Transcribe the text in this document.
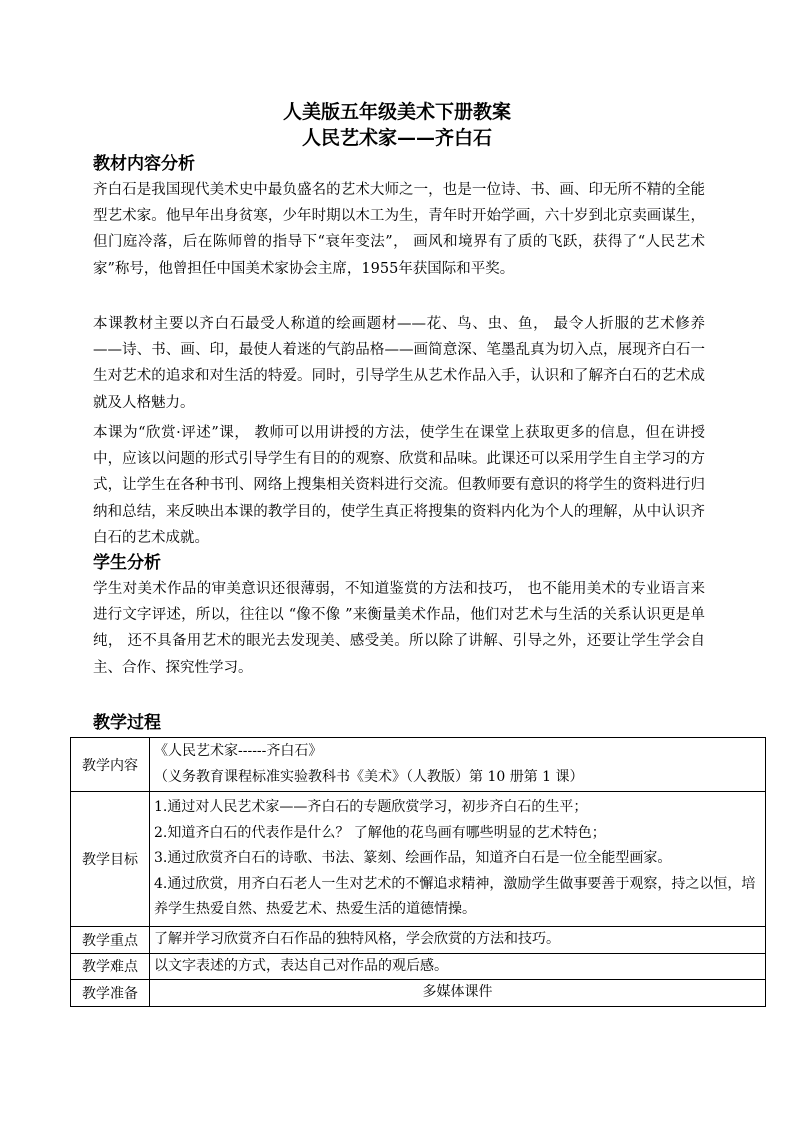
人美版五年级美术下册教案
人民艺术家——齐白石
教材内容分析

齐白石是我国现代美术史中最负盛名的艺术大师之一，也是一位诗、书、画、印无所不精的全能型艺术家。他早年出身贫寒，少年时期以木工为生，青年时开始学画，六十岁到北京卖画谋生，但门庭冷落，后在陈师曾的指导下“衰年变法”， 画风和境界有了质的飞跃，获得了“人民艺术家”称号，他曾担任中国美术家协会主席，1955年获国际和平奖。

本课教材主要以齐白石最受人称道的绘画题材——花、鸟、虫、鱼， 最令人折服的艺术修养——诗、书、画、印，最使人着迷的气韵品格——画简意深、笔墨乱真为切入点，展现齐白石一生对艺术的追求和对生活的特爱。同时，引导学生从艺术作品入手，认识和了解齐白石的艺术成就及人格魅力。

本课为“欣赏·评述”课， 教师可以用讲授的方法，使学生在课堂上获取更多的信息，但在讲授中，应该以问题的形式引导学生有目的的观察、欣赏和品味。此课还可以采用学生自主学习的方式，让学生在各种书刊、网络上搜集相关资料进行交流。但教师要有意识的将学生的资料进行归纳和总结，来反映出本课的教学目的，使学生真正将搜集的资料内化为个人的理解，从中认识齐白石的艺术成就。

学生分析

学生对美术作品的审美意识还很薄弱，不知道鉴赏的方法和技巧， 也不能用美术的专业语言来进行文字评述，所以，往往以 “像不像 ”来衡量美术作品，他们对艺术与生活的关系认识更是单纯， 还不具备用艺术的眼光去发现美、感受美。所以除了讲解、引导之外，还要让学生学会自主、合作、探究性学习。

教学过程
教学内容	《人民艺术家------齐白石》
（义务教育课程标准实验教科书《美术》（人教版）第 10 册第 1 课）

教学目标	1.通过对人民艺术家——齐白石的专题欣赏学习，初步齐白石的生平；
2.知道齐白石的代表作是什么？ 了解他的花鸟画有哪些明显的艺术特色；
3.通过欣赏齐白石的诗歌、书法、篆刻、绘画作品，知道齐白石是一位全能型画家。
4.通过欣赏，用齐白石老人一生对艺术的不懈追求精神，激励学生做事要善于观察，持之以恒，培养学生热爱自然、热爱艺术、热爱生活的道德情操。

教学重点	了解并学习欣赏齐白石作品的独特风格，学会欣赏的方法和技巧。
教学难点	以文字表述的方式，表达自己对作品的观后感。
教学准备	多媒体课件
